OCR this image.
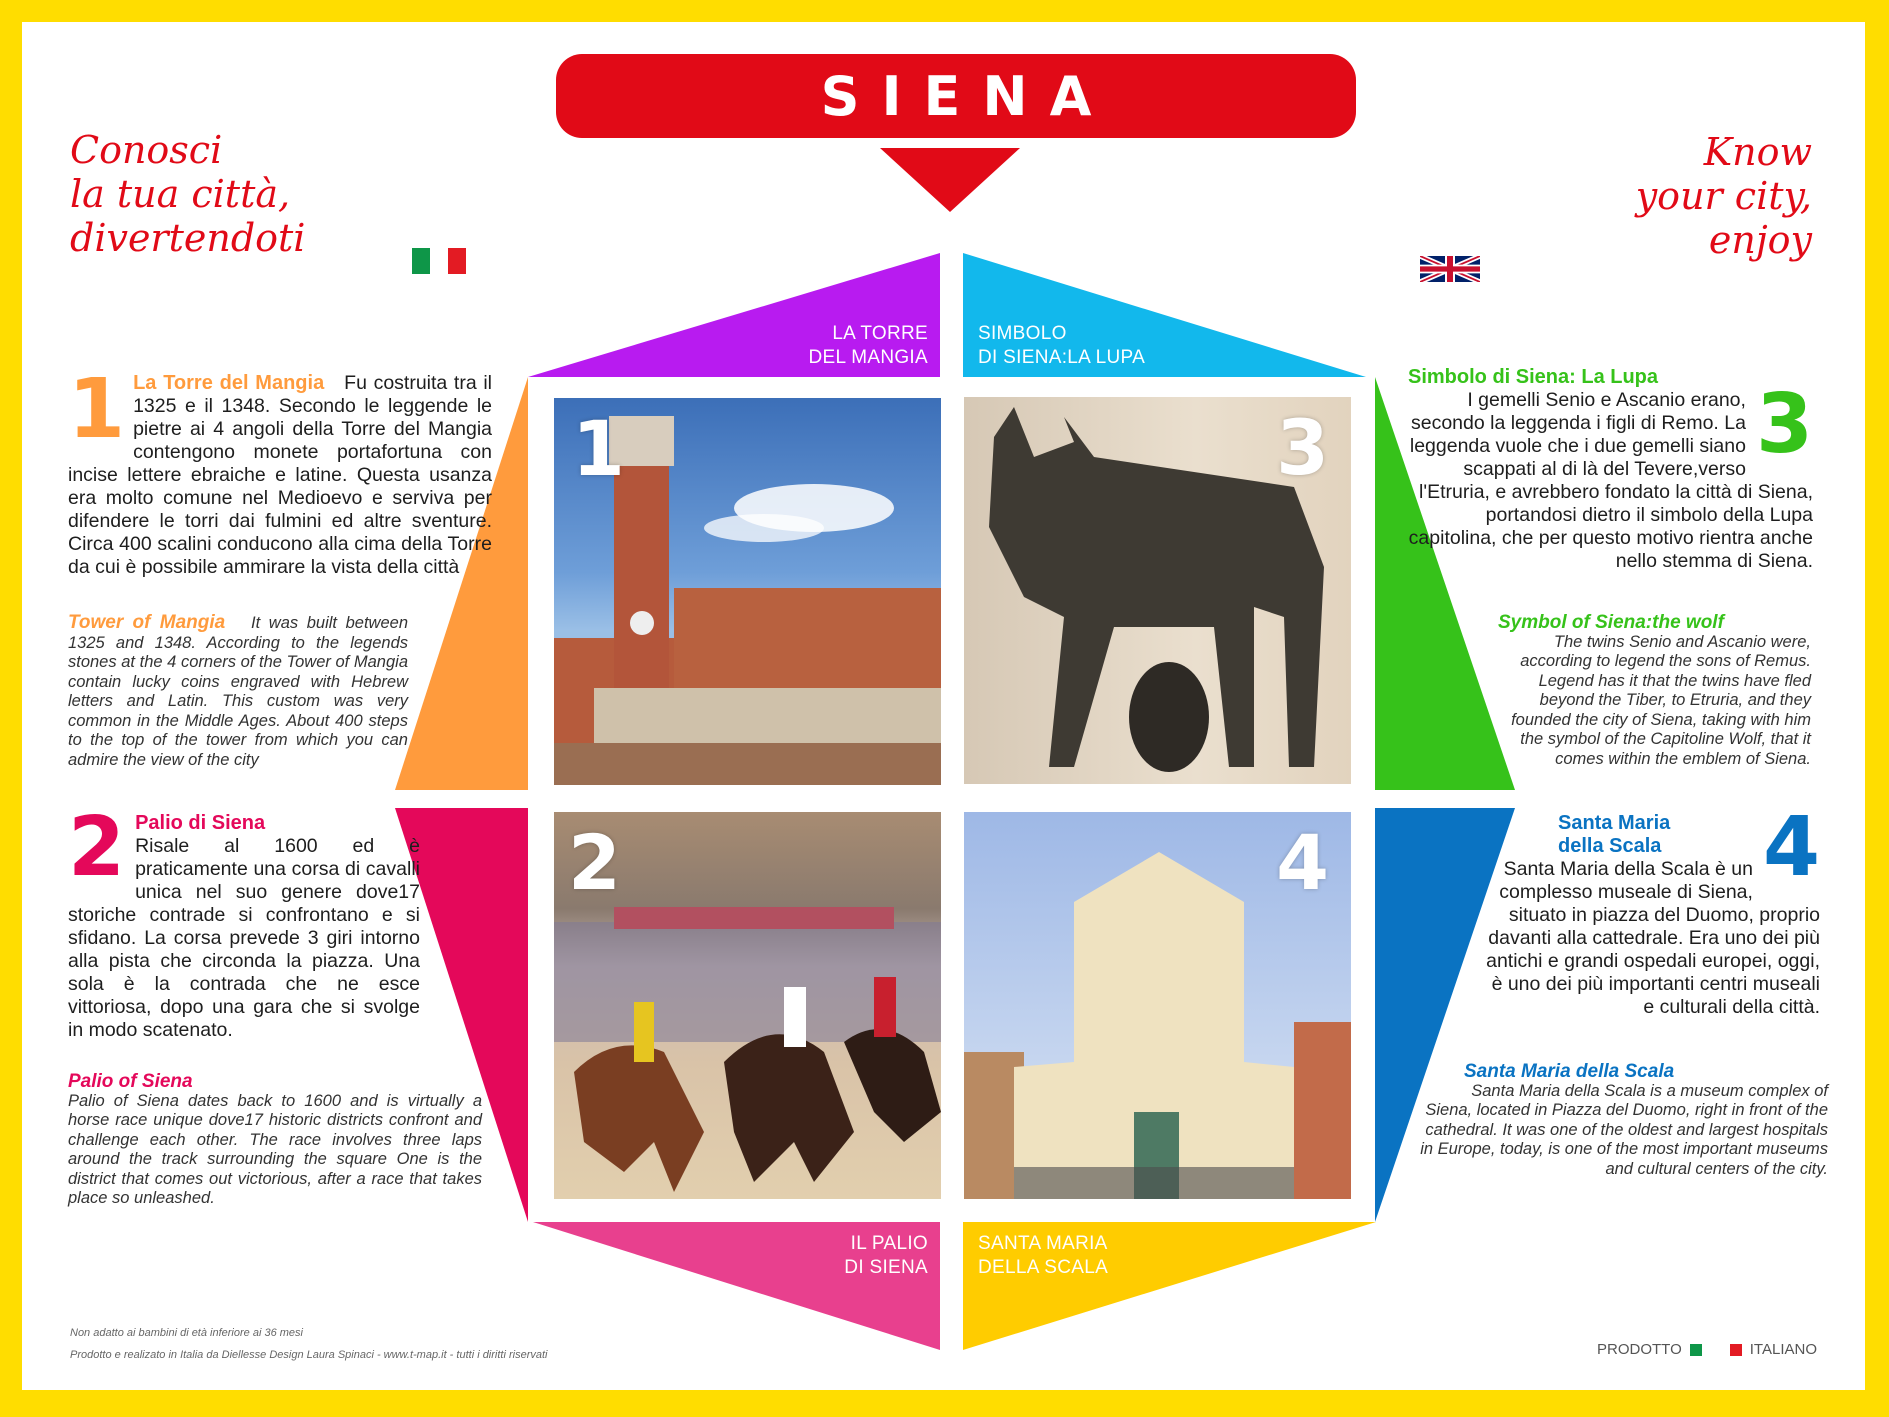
SIENA
Conosci
la tua città,
divertendoti
Know
your city,
enjoy
LA TORRE
DEL MANGIA
SIMBOLO
DI SIENA:LA LUPA
IL PALIO
DI SIENA
SANTA MARIA
DELLA SCALA
1	3
2	4
1 La Torre del Mangia Fu costruita tra il 1325 e il 1348. Secondo le leggende le pietre ai 4 angoli della Torre del Mangia contengono monete portafortuna con incise lettere ebraiche e latine. Questa usanza era molto comune nel Medioevo e serviva per difendere le torri dai fulmini ed altre sventure. Circa 400 scalini conducono alla cima della Torre da cui è possibile ammirare la vista della città
Tower of Mangia It was built between 1325 and 1348. According to the legends stones at the 4 corners of the Tower of Mangia contain lucky coins engraved with Hebrew letters and Latin. This custom was very common in the Middle Ages. About 400 steps to the top of the tower from which you can admire the view of the city
2 Palio di Siena
Risale al 1600 ed è praticamente una corsa di cavalli unica nel suo genere dove17 storiche contrade si confrontano e si sfidano. La corsa prevede 3 giri intorno alla pista che circonda la piazza. Una sola è la contrada che ne esce vittoriosa, dopo una gara che si svolge in modo scatenato.
Palio of Siena
Palio of Siena dates back to 1600 and is virtually a horse race unique dove17 historic districts confront and challenge each other. The race involves three laps around the track surrounding the square One is the district that comes out victorious, after a race that takes place so unleashed.
Simbolo di Siena: La Lupa	3
I gemelli Senio e Ascanio erano, secondo la leggenda i figli di Remo. La leggenda vuole che i due gemelli siano scappati al di là del Tevere,verso l'Etruria, e avrebbero fondato la città di Siena, portandosi dietro il simbolo della Lupa capitolina, che per questo motivo rientra anche nello stemma di Siena.
Symbol of Siena:the wolf
The twins Senio and Ascanio were, according to legend the sons of Remus. Legend has it that the twins have fled beyond the Tiber, to Etruria, and they founded the city of Siena, taking with him the symbol of the Capitoline Wolf, that it comes within the emblem of Siena.
4
Santa Maria della Scala
Santa Maria della Scala è un complesso museale di Siena, situato in piazza del Duomo, proprio davanti alla cattedrale. Era uno dei più antichi e grandi ospedali europei, oggi, è uno dei più importanti centri museali e culturali della città.
Santa Maria della Scala
Santa Maria della Scala is a museum complex of Siena, located in Piazza del Duomo, right in front of the cathedral. It was one of the oldest and largest hospitals in Europe, today, is one of the most important museums and cultural centers of the city.
Non adatto ai bambini di età inferiore ai 36 mesi
Prodotto e realizato in Italia da Diellesse Design Laura Spinaci - www.t-map.it - tutti i diritti riservati	PRODOTTO	ITALIANO
